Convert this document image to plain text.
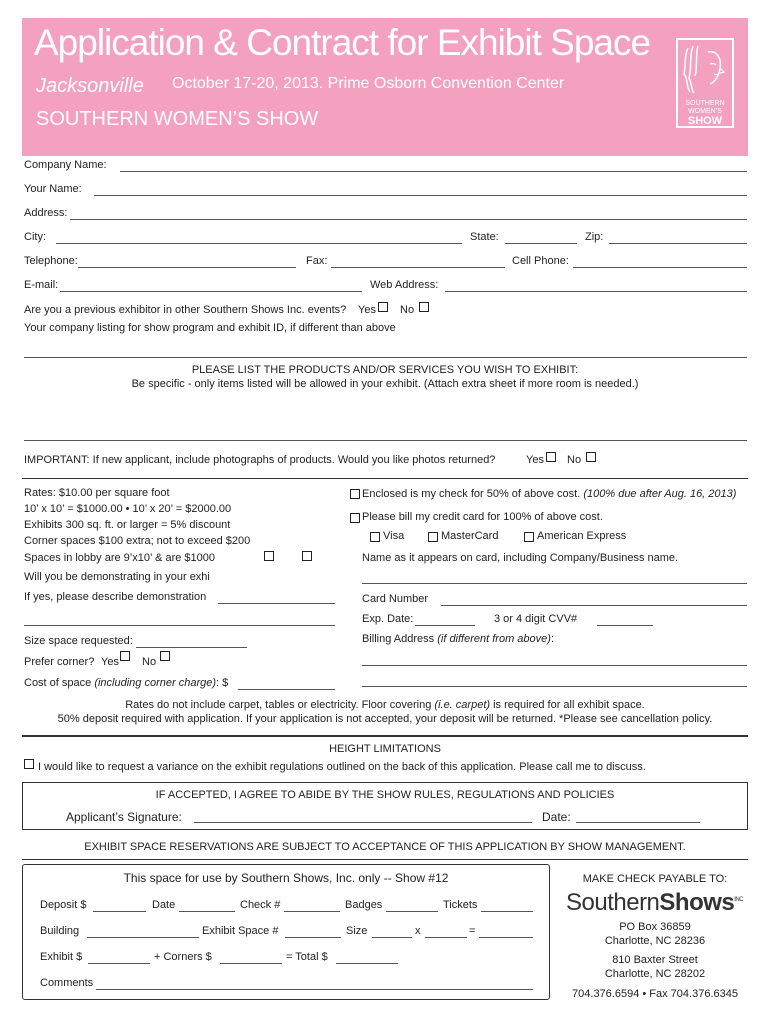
Application & Contract for Exhibit Space
Jacksonville October 17-20, 2013. Prime Osborn Convention Center
SOUTHERN WOMEN’S SHOW
SOUTHERN
WOMEN’S
SHOW
Company Name:
Your Name:
Address:
City:	State:	Zip:
Telephone:	Fax:	Cell Phone:
E-mail:	Web Address:
Are you a previous exhibitor in other Southern Shows Inc. events? Yes No
Your company listing for show program and exhibit ID, if different than above
PLEASE LIST THE PRODUCTS AND/OR SERVICES YOU WISH TO EXHIBIT:
Be specific - only items listed will be allowed in your exhibit. (Attach extra sheet if more room is needed.)
IMPORTANT: If new applicant, include photographs of products. Would you like photos returned?	Yes No
Rates: $10.00 per square foot
10’ x 10’ = $1000.00 • 10’ x 20’ = $2000.00
Exhibits 300 sq. ft. or larger = 5% discount
Corner spaces $100 extra; not to exceed $200
Spaces in lobby are 9’x10’ & are $1000
Will you be demonstrating in your exhi
If yes, please describe demonstration
Size space requested:
Prefer corner? Yes No
Cost of space (including corner charge): $
Enclosed is my check for 50% of above cost. (100% due after Aug. 16, 2013)
Please bill my credit card for 100% of above cost.
Visa	MasterCard	American Express
Name as it appears on card, including Company/Business name.
Card Number
Exp. Date:	3 or 4 digit CVV#
Billing Address (if different from above):
Rates do not include carpet, tables or electricity. Floor covering (i.e. carpet) is required for all exhibit space.
50% deposit required with application. If your application is not accepted, your deposit will be returned. *Please see cancellation policy.
HEIGHT LIMITATIONS
I would like to request a variance on the exhibit regulations outlined on the back of this application. Please call me to discuss.
IF ACCEPTED, I AGREE TO ABIDE BY THE SHOW RULES, REGULATIONS AND POLICIES
Applicant’s Signature:	Date:
EXHIBIT SPACE RESERVATIONS ARE SUBJECT TO ACCEPTANCE OF THIS APPLICATION BY SHOW MANAGEMENT.
This space for use by Southern Shows, Inc. only -- Show #12
Deposit $	Date	Check #	Badges	Tickets
Building	Exhibit Space #	Size	x	=
Exhibit $	+ Corners $	= Total $
Comments
MAKE CHECK PAYABLE TO:
SouthernShows$^{INC}$
PO Box 36859
Charlotte, NC 28236
810 Baxter Street
Charlotte, NC 28202
704.376.6594 • Fax 704.376.6345
